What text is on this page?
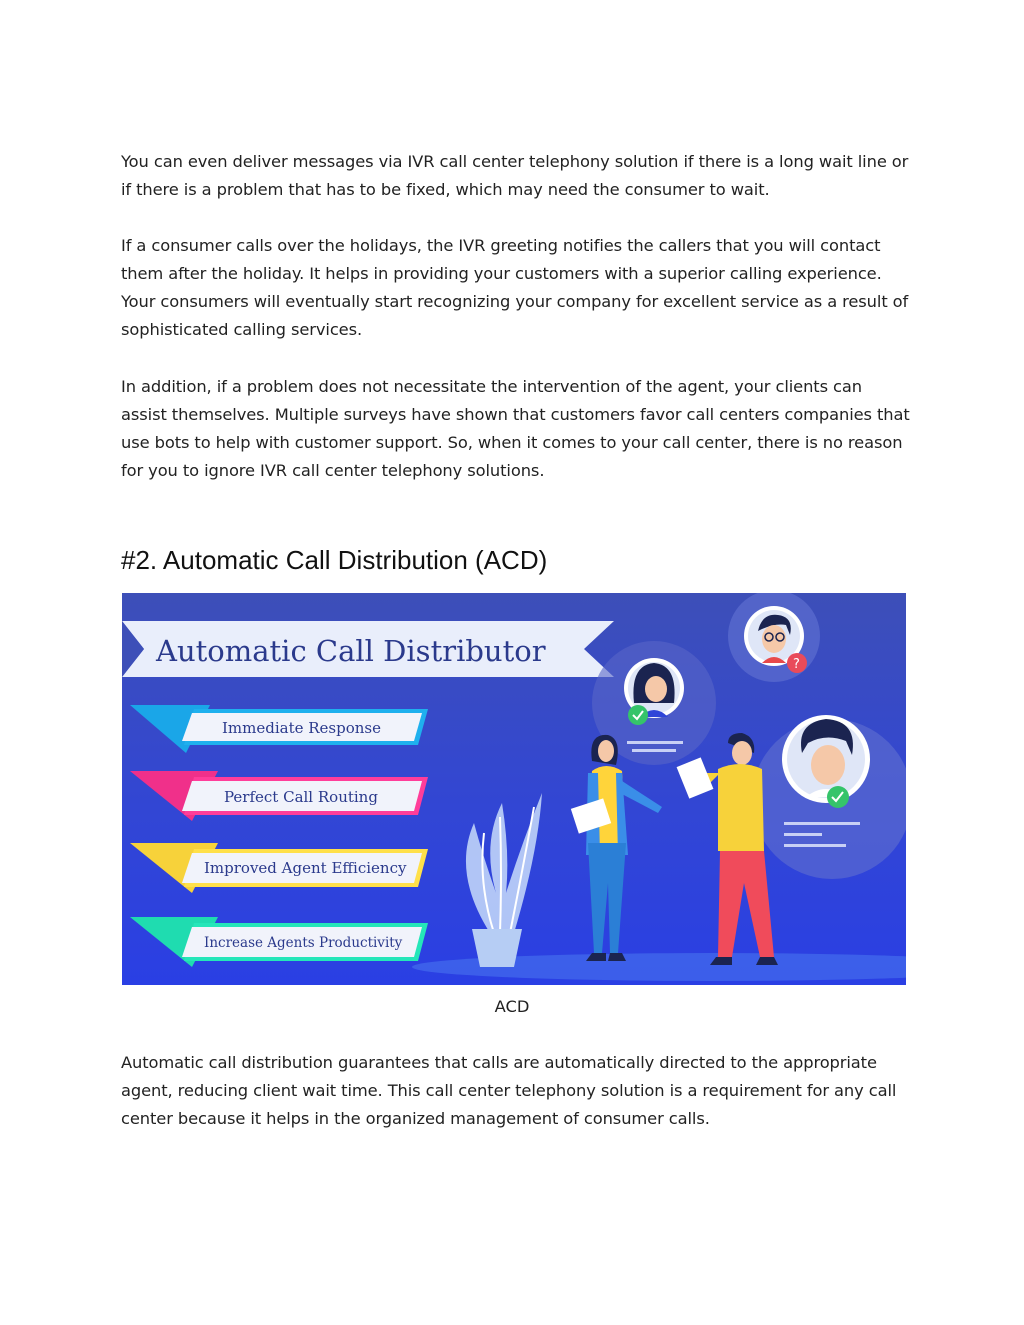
You can even deliver messages via IVR call center telephony solution if there is a long wait line or if there is a problem that has to be fixed, which may need the consumer to wait.

If a consumer calls over the holidays, the IVR greeting notifies the callers that you will contact them after the holiday. It helps in providing your customers with a superior calling experience. Your consumers will eventually start recognizing your company for excellent service as a result of sophisticated calling services.

In addition, if a problem does not necessitate the intervention of the agent, your clients can assist themselves. Multiple surveys have shown that customers favor call centers companies that use bots to help with customer support. So, when it comes to your call center, there is no reason for you to ignore IVR call center telephony solutions.

#2. Automatic Call Distribution (ACD)
Automatic Call Distributor
Immediate Response
Perfect Call Routing
Improved Agent Efficiency
Increase Agents Productivity
?
ACD

Automatic call distribution guarantees that calls are automatically directed to the appropriate agent, reducing client wait time. This call center telephony solution is a requirement for any call center because it helps in the organized management of consumer calls.
